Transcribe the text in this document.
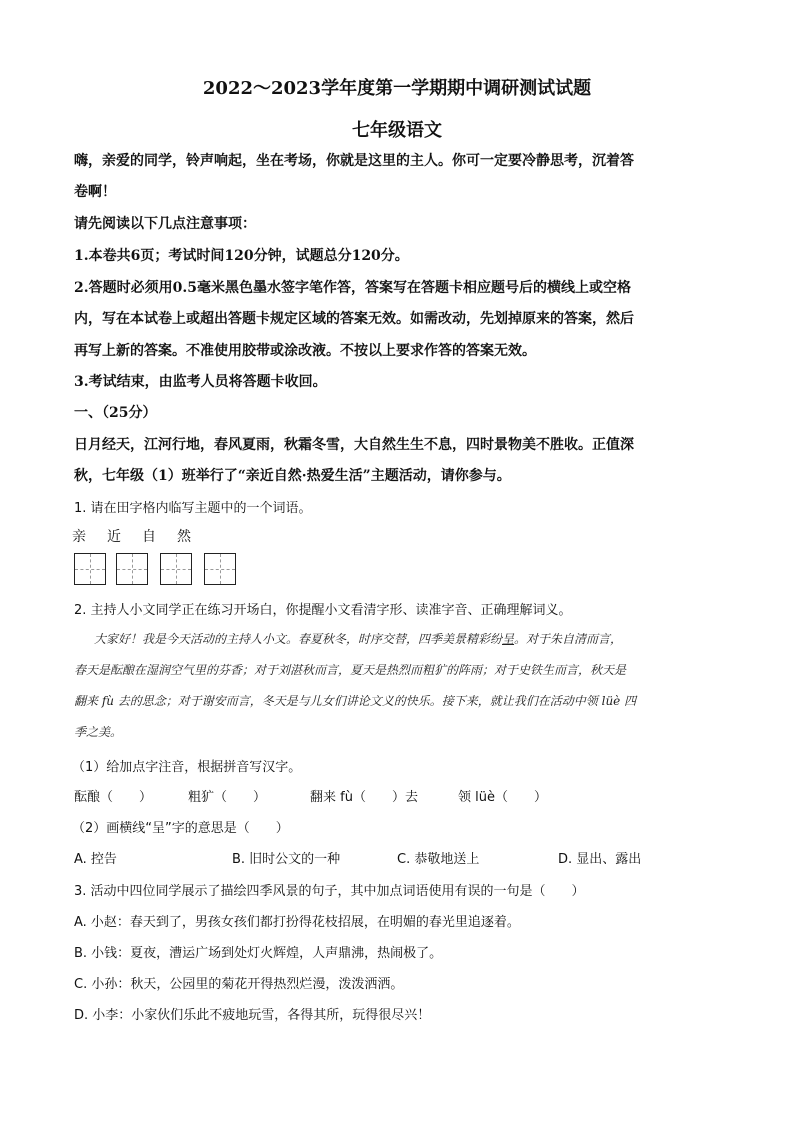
2022～2023学年度第一学期期中调研测试试题
七年级语文
嗨，亲爱的同学，铃声响起，坐在考场，你就是这里的主人。你可一定要冷静思考，沉着答
卷啊！
请先阅读以下几点注意事项：
1.本卷共6页；考试时间120分钟，试题总分120分。
2.答题时必须用0.5毫米黑色墨水签字笔作答，答案写在答题卡相应题号后的横线上或空格
内，写在本试卷上或超出答题卡规定区域的答案无效。如需改动，先划掉原来的答案，然后
再写上新的答案。不准使用胶带或涂改液。不按以上要求作答的答案无效。
3.考试结束，由监考人员将答题卡收回。
一、（25分）
日月经天，江河行地，春风夏雨，秋霜冬雪，大自然生生不息，四时景物美不胜收。正值深
秋，七年级（1）班举行了“亲近自然·热爱生活”主题活动，请你参与。
1. 请在田字格内临写主题中的一个词语。
亲 近 自 然
2. 主持人小文同学正在练习开场白，你提醒小文看清字形、读准字音、正确理解词义。
大家好！我是今天活动的主持人小文。春夏秋冬，时序交替，四季美景精彩纷呈。对于朱自清而言，
春天是酝酿在湿润空气里的芬香；对于刘湛秋而言，夏天是热烈而粗犷的阵雨；对于史铁生而言，秋天是
翻来 fù 去的思念；对于谢安而言，冬天是与儿女们讲论文义的快乐。接下来，就让我们在活动中领 lüè 四
季之美。
（1）给加点字注音，根据拼音写汉字。
酝酿（　　）	粗犷（　　）	翻来 fù（　　）去	领 lüè（　　）
（2）画横线“呈”字的意思是（　　）
A. 控告	B. 旧时公文的一种	C. 恭敬地送上	D. 显出、露出
3. 活动中四位同学展示了描绘四季风景的句子，其中加点词语使用有误的一句是（　　）
A. 小赵：春天到了，男孩女孩们都打扮得花枝招展，在明媚的春光里追逐着。
B. 小钱：夏夜，漕运广场到处灯火辉煌，人声鼎沸，热闹极了。
C. 小孙：秋天，公园里的菊花开得热烈烂漫，泼泼洒洒。
D. 小李：小家伙们乐此不疲地玩雪，各得其所，玩得很尽兴！
